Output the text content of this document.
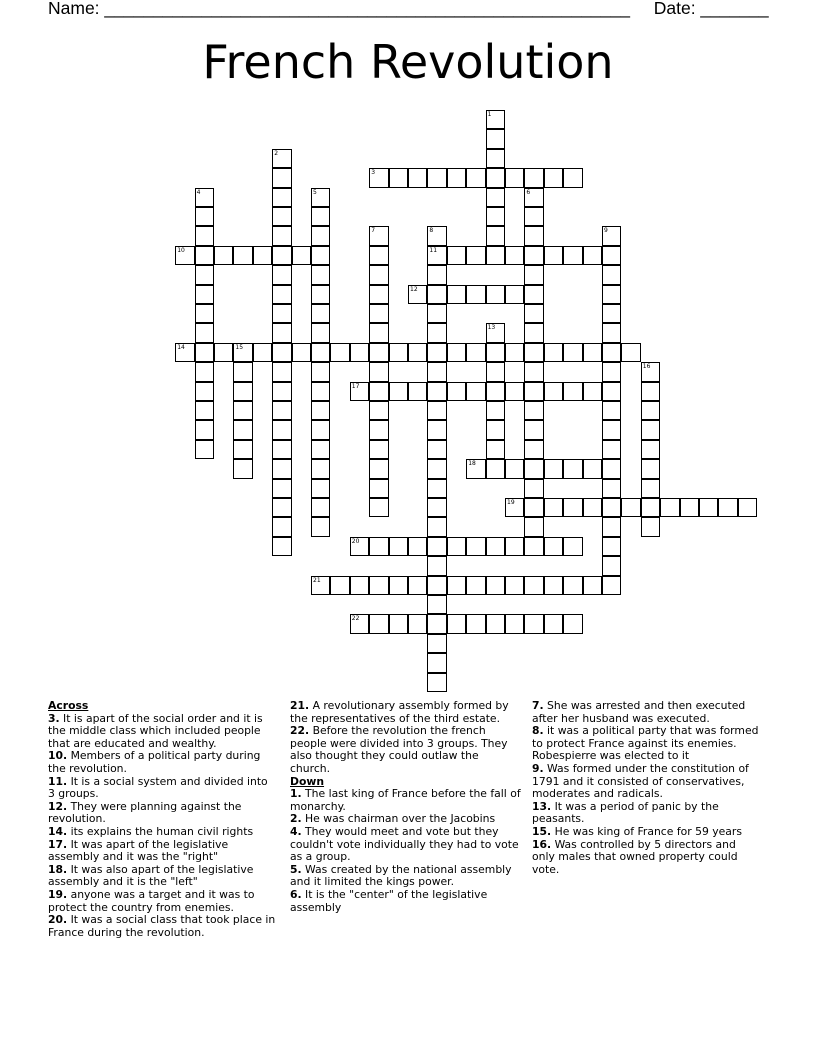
Name: ______________________________________________________ Date: _______
French Revolution
1
2
3
4	5	6
7	8
11
9
10
12
13
14	15
16
17
18
19
20
21
22

Across

3. It is apart of the social order and it is the middle class which included people that are educated and wealthy.

10. Members of a political party during the revolution.

11. It is a social system and divided into 3 groups.

12. They were planning against the revolution.

14. its explains the human civil rights

17. It was apart of the legislative assembly and it was the "right"

18. It was also apart of the legislative assembly and it is the "left"

19. anyone was a target and it was to protect the country from enemies.

20. It was a social class that took place in France during the revolution.

21. A revolutionary assembly formed by the representatives of the third estate.

22. Before the revolution the french people were divided into 3 groups. They also thought they could outlaw the church.

Down

1. The last king of France before the fall of monarchy.

2. He was chairman over the Jacobins

4. They would meet and vote but they couldn't vote individually they had to vote as a group.

5. Was created by the national assembly and it limited the kings power.

6. It is the "center" of the legislative assembly

7. She was arrested and then executed after her husband was executed.

8. it was a political party that was formed to protect France against its enemies. Robespierre was elected to it

9. Was formed under the constitution of 1791 and it consisted of conservatives, moderates and radicals.

13. It was a period of panic by the peasants.

15. He was king of France for 59 years

16. Was controlled by 5 directors and only males that owned property could vote.
